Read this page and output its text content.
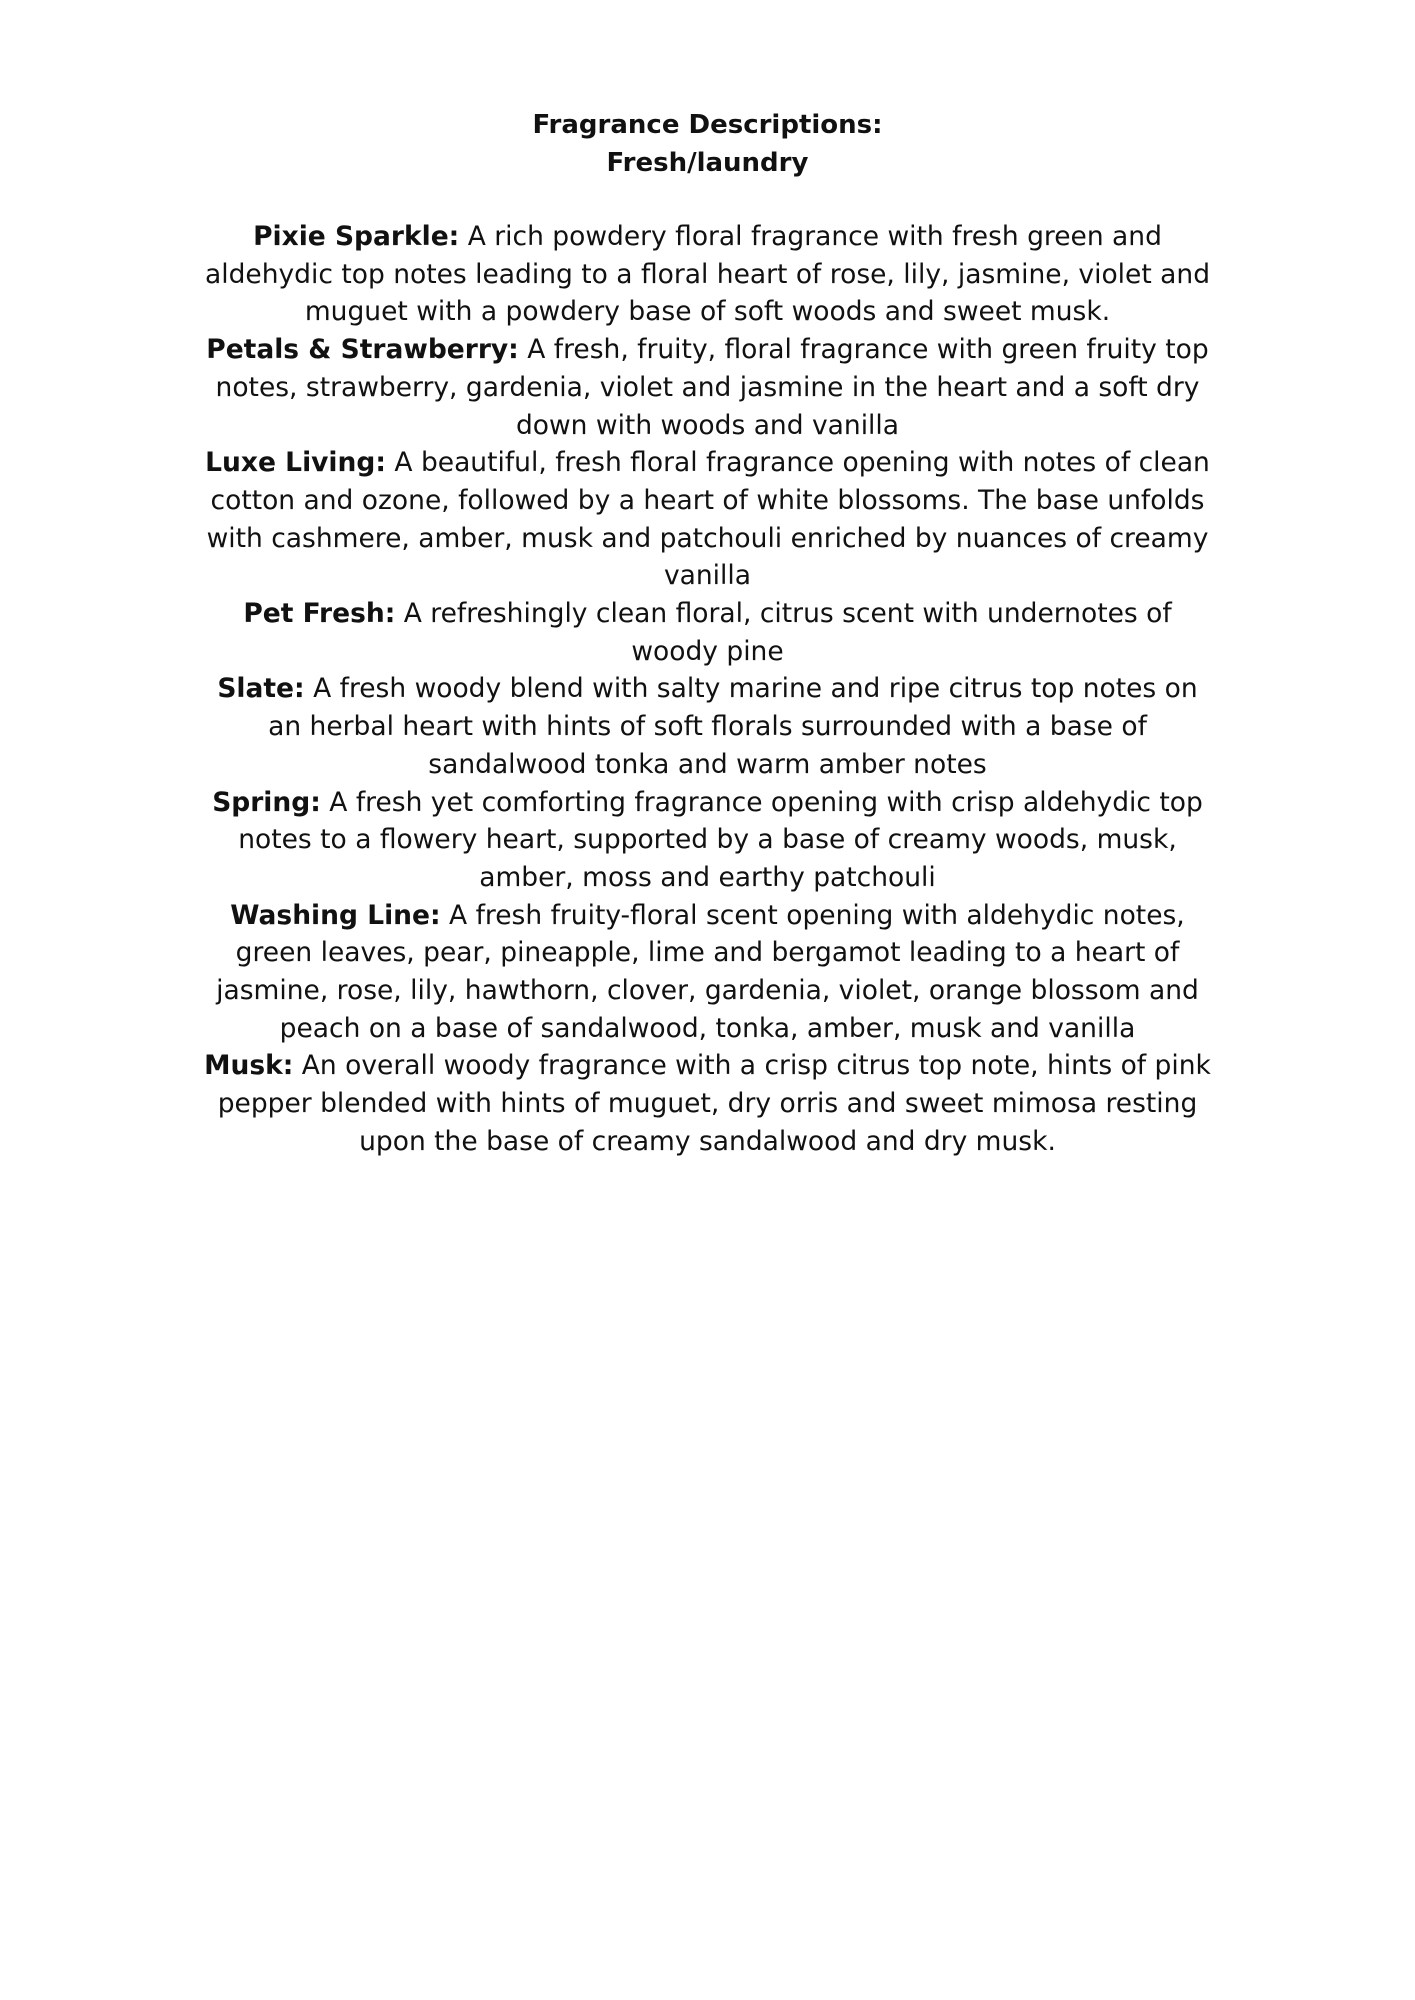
Fragrance Descriptions:
Fresh/laundry

Pixie Sparkle: A rich powdery floral fragrance with fresh green and aldehydic top notes leading to a floral heart of rose, lily, jasmine, violet and muguet with a powdery base of soft woods and sweet musk.

Petals & Strawberry: A fresh, fruity, floral fragrance with green fruity top notes, strawberry, gardenia, violet and jasmine in the heart and a soft dry down with woods and vanilla

Luxe Living: A beautiful, fresh floral fragrance opening with notes of clean cotton and ozone, followed by a heart of white blossoms. The base unfolds with cashmere, amber, musk and patchouli enriched by nuances of creamy vanilla

Pet Fresh: A refreshingly clean floral, citrus scent with undernotes of woody pine

Slate: A fresh woody blend with salty marine and ripe citrus top notes on an herbal heart with hints of soft florals surrounded with a base of sandalwood tonka and warm amber notes

Spring: A fresh yet comforting fragrance opening with crisp aldehydic top notes to a flowery heart, supported by a base of creamy woods, musk, amber, moss and earthy patchouli

Washing Line: A fresh fruity-floral scent opening with aldehydic notes, green leaves, pear, pineapple, lime and bergamot leading to a heart of jasmine, rose, lily, hawthorn, clover, gardenia, violet, orange blossom and peach on a base of sandalwood, tonka, amber, musk and vanilla

Musk: An overall woody fragrance with a crisp citrus top note, hints of pink pepper blended with hints of muguet, dry orris and sweet mimosa resting upon the base of creamy sandalwood and dry musk.
